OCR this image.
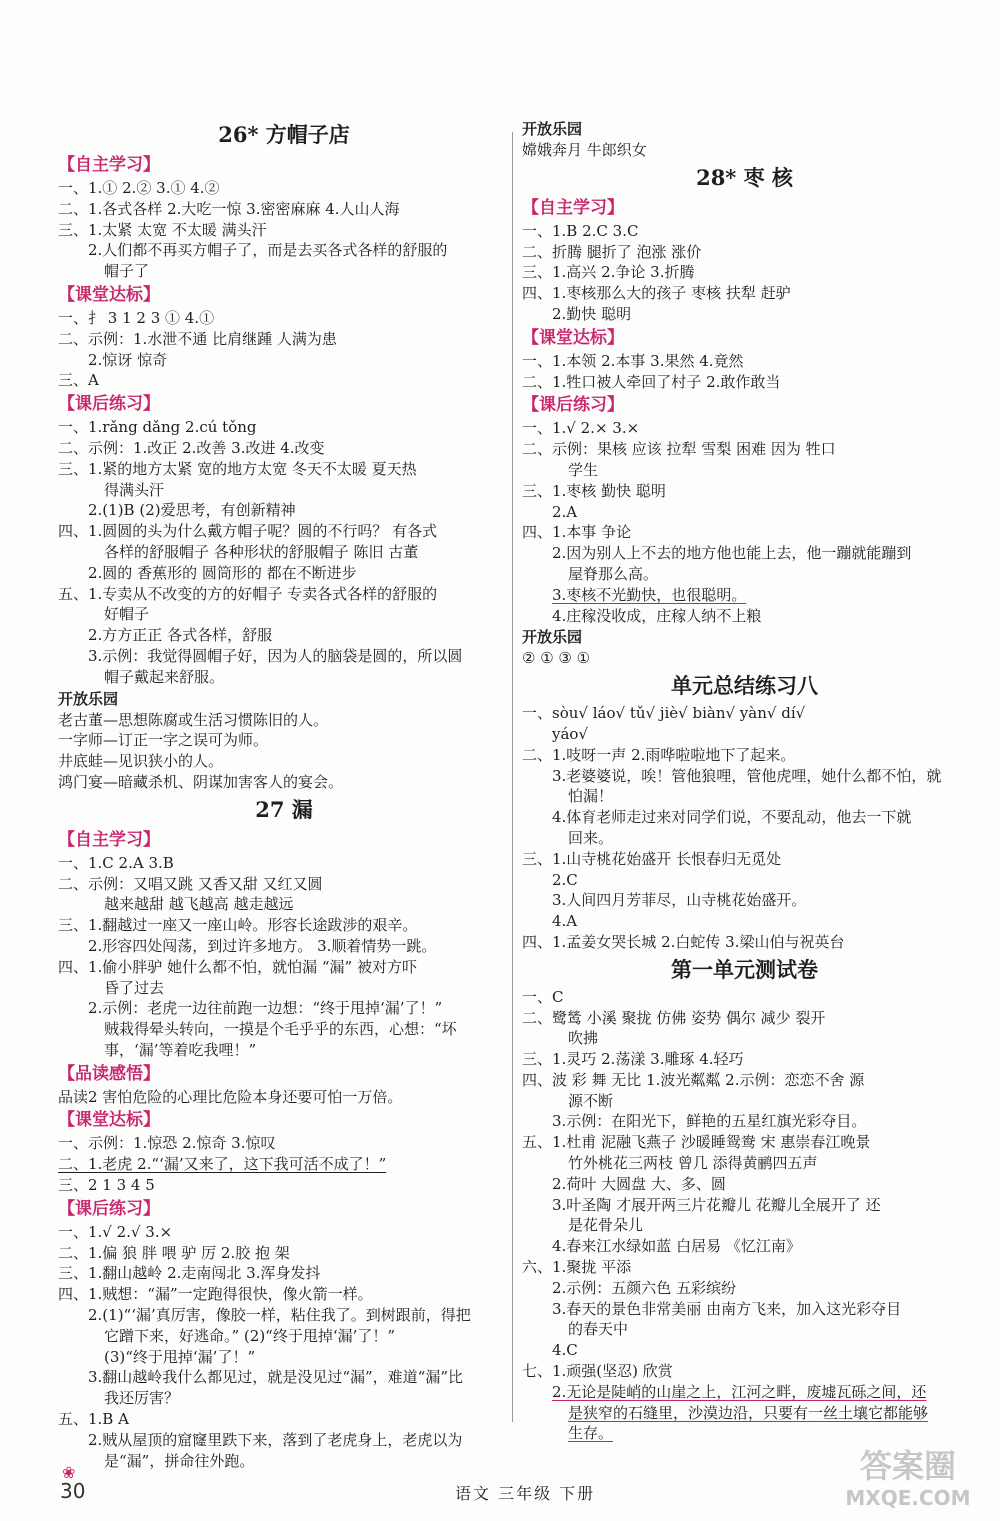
26* 方帽子店
【自主学习】
一、1.① 2.② 3.① 4.②
二、1.各式各样 2.大吃一惊 3.密密麻麻 4.人山人海
三、1.太紧 太宽 不太暖 满头汗
2.人们都不再买方帽子了，而是去买各式各样的舒服的
帽子了
【课堂达标】
一、扌 3 1 2 3 ① 4.①
二、示例：1.水泄不通 比肩继踵 人满为患
2.惊讶 惊奇
三、A
【课后练习】
一、1.rǎng dǎng 2.cú tǒng
二、示例：1.改正 2.改善 3.改进 4.改变
三、1.紧的地方太紧 宽的地方太宽 冬天不太暖 夏天热
得满头汗
2.(1)B (2)爱思考，有创新精神
四、1.圆圆的头为什么戴方帽子呢？圆的不行吗？ 有各式
各样的舒服帽子 各种形状的舒服帽子 陈旧 古董
2.圆的 香蕉形的 圆筒形的 都在不断进步
五、1.专卖从不改变的方的好帽子 专卖各式各样的舒服的
好帽子
2.方方正正 各式各样，舒服
3.示例：我觉得圆帽子好，因为人的脑袋是圆的，所以圆
帽子戴起来舒服。
开放乐园
老古董—思想陈腐或生活习惯陈旧的人。
一字师—订正一字之误可为师。
井底蛙—见识狭小的人。
鸿门宴—暗藏杀机、阴谋加害客人的宴会。
27 漏
【自主学习】
一、1.C 2.A 3.B
二、示例：又唱又跳 又香又甜 又红又圆
越来越甜 越飞越高 越走越远
三、1.翻越过一座又一座山岭。形容长途跋涉的艰辛。
2.形容四处闯荡，到过许多地方。 3.顺着情势一跳。
四、1.偷小胖驴 她什么都不怕，就怕漏 “漏” 被对方吓
昏了过去
2.示例：老虎一边往前跑一边想：“终于甩掉‘漏’了！”
贼栽得晕头转向，一摸是个毛乎乎的东西，心想：“坏
事，‘漏’等着吃我哩！”
【品读感悟】
品读2 害怕危险的心理比危险本身还要可怕一万倍。
【课堂达标】
一、示例：1.惊恐 2.惊奇 3.惊叹
二、1.老虎 2.“‘漏’又来了，这下我可活不成了！”
三、2 1 3 4 5
【课后练习】
一、1.√ 2.√ 3.×
二、1.偏 狼 胖 喂 驴 厉 2.胶 抱 架
三、1.翻山越岭 2.走南闯北 3.浑身发抖
四、1.贼想：“漏”一定跑得很快，像火箭一样。
2.(1)“‘漏’真厉害，像胶一样，粘住我了。到树跟前，得把
它蹭下来，好逃命。” (2)“终于甩掉‘漏’了！”
(3)“终于甩掉‘漏’了！”
3.翻山越岭我什么都见过，就是没见过“漏”，难道“漏”比
我还厉害？
五、1.B A
2.贼从屋顶的窟窿里跌下来，落到了老虎身上，老虎以为
是“漏”，拼命往外跑。
开放乐园
嫦娥奔月 牛郎织女
28* 枣 核
【自主学习】
一、1.B 2.C 3.C
二、折腾 腿折了 泡涨 涨价
三、1.高兴 2.争论 3.折腾
四、1.枣核那么大的孩子 枣核 扶犁 赶驴
2.勤快 聪明
【课堂达标】
一、1.本领 2.本事 3.果然 4.竟然
二、1.牲口被人牵回了村子 2.敢作敢当
【课后练习】
一、1.√ 2.× 3.×
二、示例：果核 应该 拉犁 雪梨 困难 因为 牲口
学生
三、1.枣核 勤快 聪明
2.A
四、1.本事 争论
2.因为别人上不去的地方他也能上去，他一蹦就能蹦到
屋脊那么高。
3.枣核不光勤快，也很聪明。
4.庄稼没收成，庄稼人纳不上粮
开放乐园
② ① ③ ①
单元总结练习八
一、sòu√ láo√ tǔ√ jiè√ biàn√ yàn√ dí√
yáo√
二、1.吱呀一声 2.雨哗啦啦地下了起来。
3.老婆婆说，唉！管他狼哩，管他虎哩，她什么都不怕，就
怕漏！
4.体育老师走过来对同学们说，不要乱动，他去一下就
回来。
三、1.山寺桃花始盛开 长恨春归无觅处
2.C
3.人间四月芳菲尽，山寺桃花始盛开。
4.A
四、1.孟姜女哭长城 2.白蛇传 3.梁山伯与祝英台
第一单元测试卷
一、C
二、鹭鸶 小溪 聚拢 仿佛 姿势 偶尔 减少 裂开
吹拂
三、1.灵巧 2.荡漾 3.雕琢 4.轻巧
四、波 彩 舞 无比 1.波光粼粼 2.示例：恋恋不舍 源
源不断
3.示例：在阳光下，鲜艳的五星红旗光彩夺目。
五、1.杜甫 泥融飞燕子 沙暖睡鸳鸯 宋 惠崇春江晚景
竹外桃花三两枝 曾几 添得黄鹂四五声
2.荷叶 大圆盘 大、多、圆
3.叶圣陶 才展开两三片花瓣儿 花瓣儿全展开了 还
是花骨朵儿
4.春来江水绿如蓝 白居易 《忆江南》
六、1.聚拢 平添
2.示例：五颜六色 五彩缤纷
3.春天的景色非常美丽 由南方飞来，加入这光彩夺目
的春天中
4.C
七、1.顽强(坚忍) 欣赏
2.无论是陡峭的山崖之上，江河之畔，废墟瓦砾之间，还
是狭窄的石缝里，沙漠边沿，只要有一丝土壤它都能够
生存。
❀
30	语文 三年级 下册
答案圈
MXQE.COM
